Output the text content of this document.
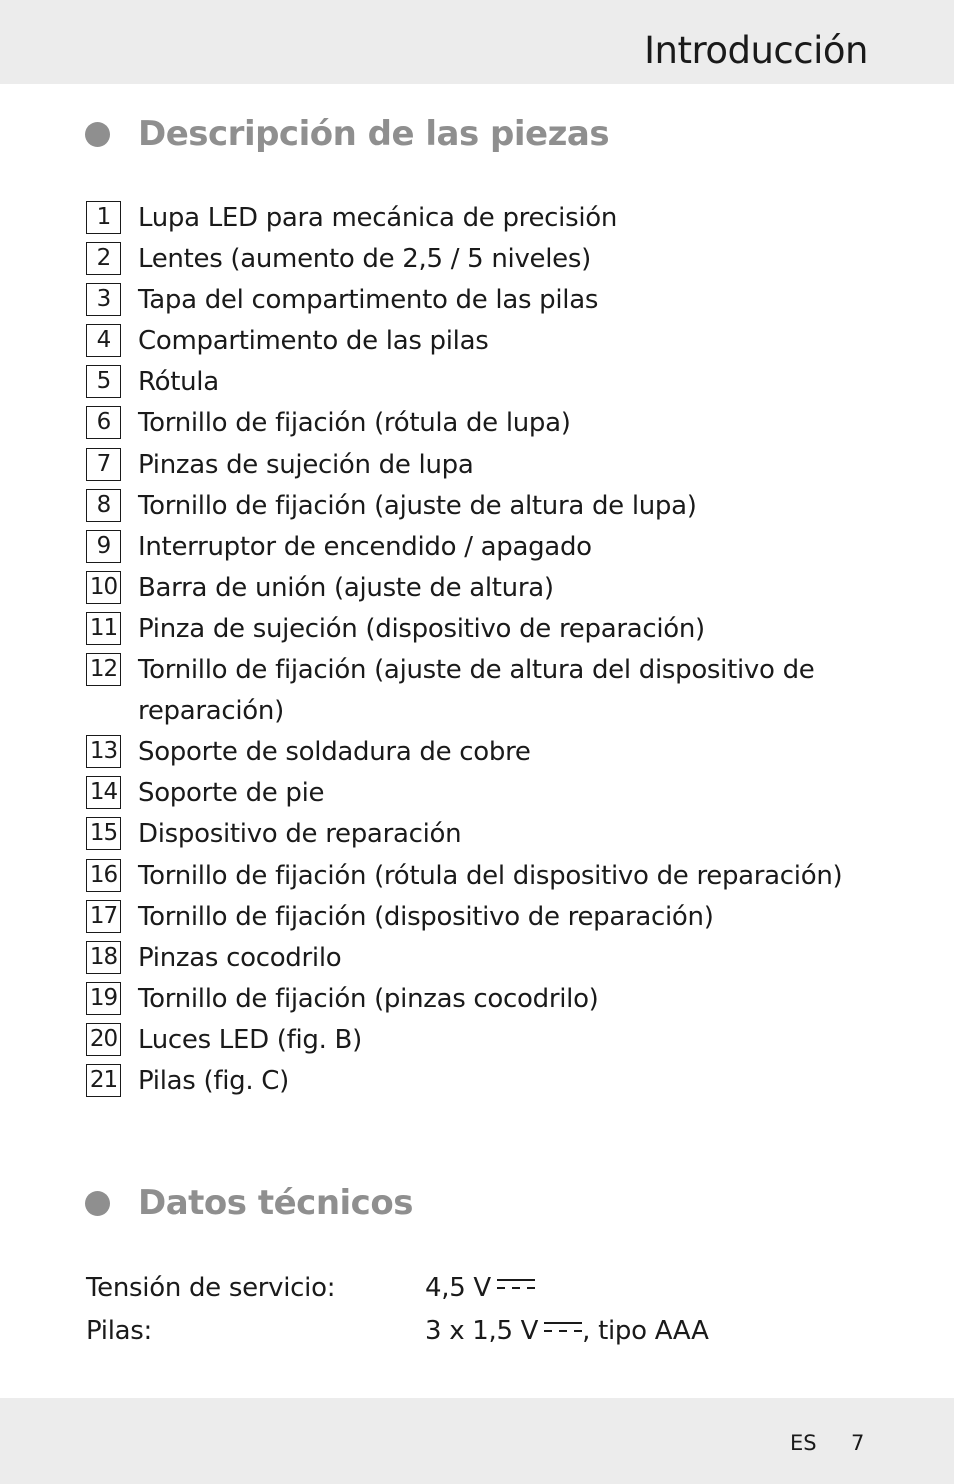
Introducción
Descripción de las piezas
1	Lupa LED para mecánica de precisión
2	Lentes (aumento de 2,5 / 5 niveles)
3	Tapa del compartimento de las pilas
4	Compartimento de las pilas
5	Rótula
6	Tornillo de fijación (rótula de lupa)
7	Pinzas de sujeción de lupa
8	Tornillo de fijación (ajuste de altura de lupa)
9	Interruptor de encendido / apagado
10 Barra de unión (ajuste de altura)
11 Pinza de sujeción (dispositivo de reparación)
12 Tornillo de fijación (ajuste de altura del dispositivo de reparación)
13 Soporte de soldadura de cobre
14 Soporte de pie
15 Dispositivo de reparación
16 Tornillo de fijación (rótula del dispositivo de reparación)
17 Tornillo de fijación (dispositivo de reparación)
18 Pinzas cocodrilo
19 Tornillo de fijación (pinzas cocodrilo)
20 Luces LED (fig. B)
21 Pilas (fig. C)
Datos técnicos
Tensión de servicio:	4,5 V
Pilas:	3 x 1,5 V , tipo AAA
ES 7
